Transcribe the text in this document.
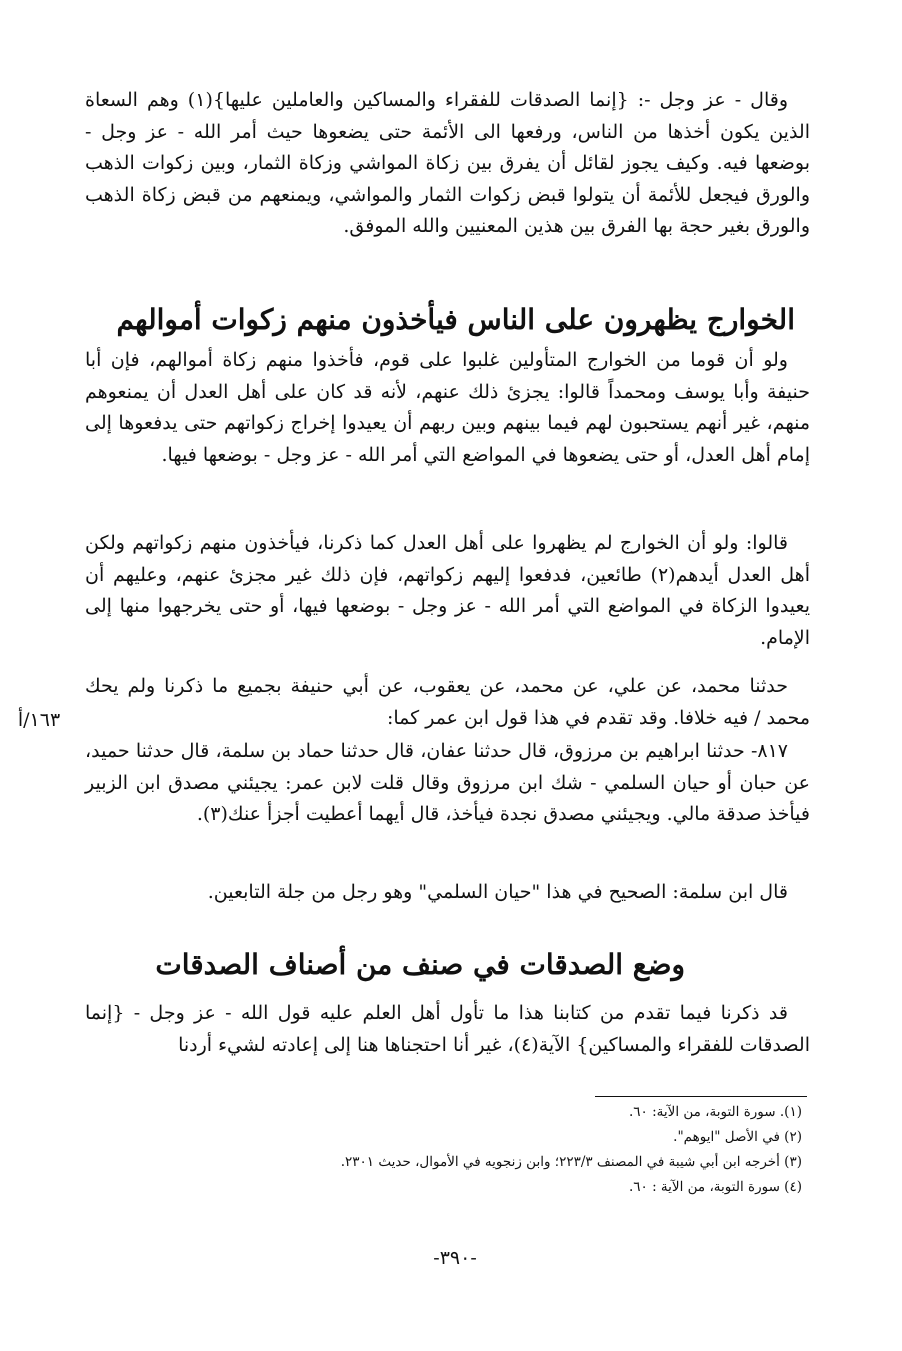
وقال - عز وجل -: {إنما الصدقات للفقراء والمساكين والعاملين عليها}(١) وهم السعاة الذين يكون أخذها من الناس، ورفعها الى الأئمة حتى يضعوها حيث أمر الله - عز وجل - بوضعها فيه. وكيف يجوز لقائل أن يفرق بين زكاة المواشي وزكاة الثمار، وبين زكوات الذهب والورق فيجعل للأئمة أن يتولوا قبض زكوات الثمار والمواشي، ويمنعهم من قبض زكاة الذهب والورق بغير حجة بها الفرق بين هذين المعنيين والله الموفق.

الخوارج يظهرون على الناس فيأخذون منهم زكوات أموالهم

ولو أن قوما من الخوارج المتأولين غلبوا على قوم، فأخذوا منهم زكاة أموالهم، فإن أبا حنيفة وأبا يوسف ومحمداً قالوا: يجزئ ذلك عنهم، لأنه قد كان على أهل العدل أن يمنعوهم منهم، غير أنهم يستحبون لهم فيما بينهم وبين ربهم أن يعيدوا إخراج زكواتهم حتى يدفعوها إلى إمام أهل العدل، أو حتى يضعوها في المواضع التي أمر الله - عز وجل - بوضعها فيها.

قالوا: ولو أن الخوارج لم يظهروا على أهل العدل كما ذكرنا، فيأخذون منهم زكواتهم ولكن أهل العدل أيدهم(٢) طائعين، فدفعوا إليهم زكواتهم، فإن ذلك غير مجزئ عنهم، وعليهم أن يعيدوا الزكاة في المواضع التي أمر الله - عز وجل - بوضعها فيها، أو حتى يخرجهوا منها إلى الإمام.

حدثنا محمد، عن علي، عن محمد، عن يعقوب، عن أبي حنيفة بجميع ما ذكرنا ولم يحك محمد / فيه خلافا. وقد تقدم في هذا قول ابن عمر كما:

١٦٣/أ

٨١٧- حدثنا ابراهيم بن مرزوق، قال حدثنا عفان، قال حدثنا حماد بن سلمة، قال حدثنا حميد، عن حبان أو حيان السلمي - شك ابن مرزوق وقال قلت لابن عمر: يجيئني مصدق ابن الزبير فيأخذ صدقة مالي. ويجيئني مصدق نجدة فيأخذ، قال أيهما أعطيت أجزأ عنك(٣).

قال ابن سلمة: الصحيح في هذا "حيان السلمي" وهو رجل من جلة التابعين.

وضع الصدقات في صنف من أصناف الصدقات

قد ذكرنا فيما تقدم من كتابنا هذا ما تأول أهل العلم عليه قول الله - عز وجل - {إنما الصدقات للفقراء والمساكين} الآية(٤)، غير أنا احتجناها هنا إلى إعادته لشيء أردنا

(١). سورة التوبة، من الآية: ٦٠.

(٢) في الأصل "ايوهم".

(٣) أخرجه ابن أبي شيبة في المصنف ٢٢٣/٣؛ وابن زنجويه في الأموال، حديث ٢٣٠١.

(٤) سورة التوبة، من الآية : ٦٠.

-٣٩٠-
